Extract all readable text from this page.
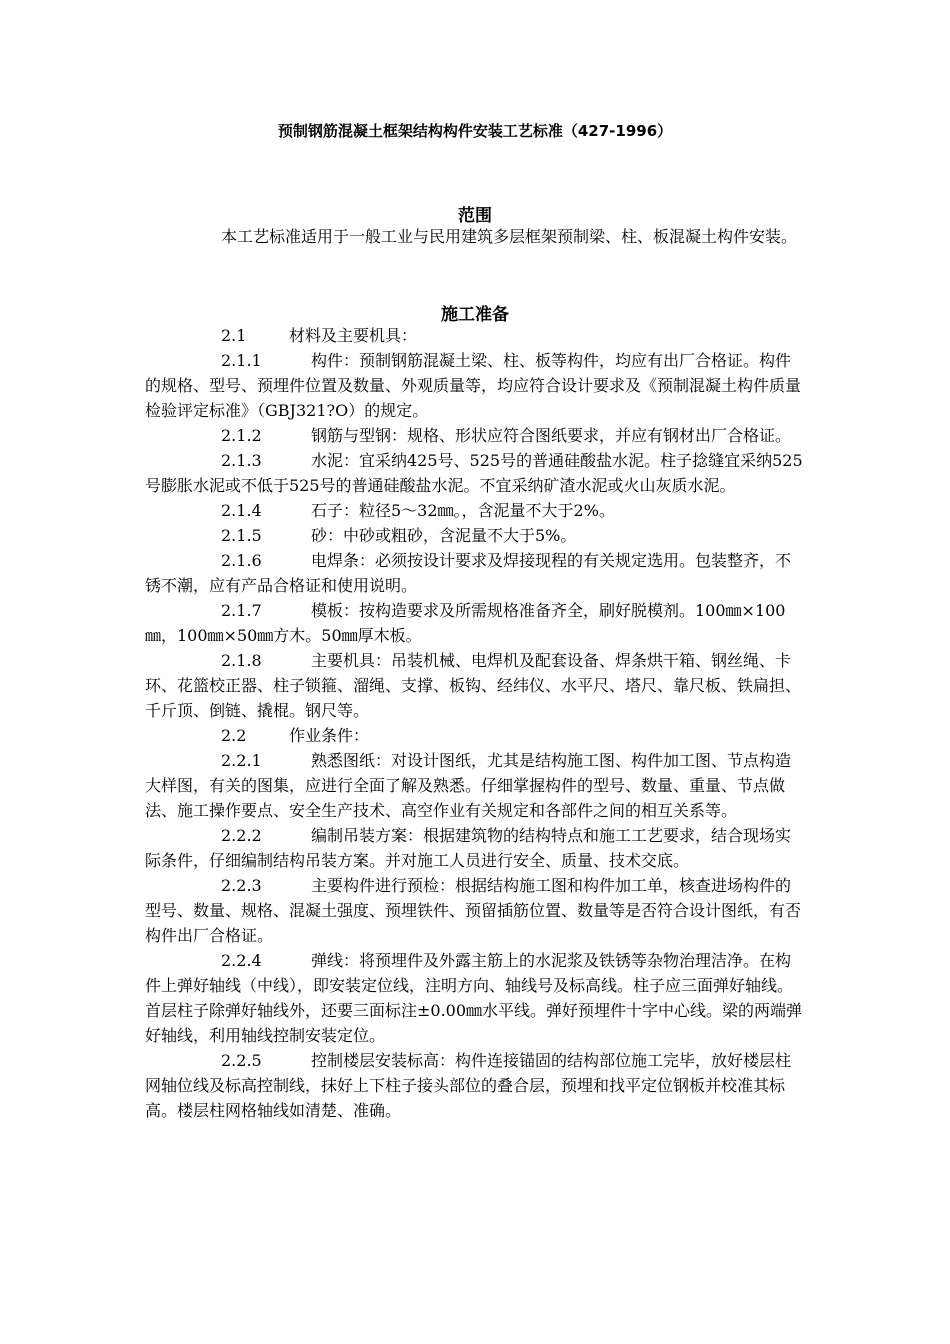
预制钢筋混凝土框架结构构件安装工艺标准（427-1996）
范围

本工艺标准适用于一般工业与民用建筑多层框架预制梁、柱、板混凝土构件安装。

施工准备

2.1	材料及主要机具：

2.1.1	构件：预制钢筋混凝土梁、柱、板等构件，均应有出厂合格证。构件的规格、型号、预埋件位置及数量、外观质量等，均应符合设计要求及《预制混凝土构件质量检验评定标准》（GBJ321?O）的规定。

2.1.2	钢筋与型钢：规格、形状应符合图纸要求，并应有钢材出厂合格证。

2.1.3	水泥：宜采纳425号、525号的普通硅酸盐水泥。柱子捻缝宜采纳525号膨胀水泥或不低于525号的普通硅酸盐水泥。不宜采纳矿渣水泥或火山灰质水泥。

2.1.4	石子：粒径5～32㎜。，含泥量不大于2%。

2.1.5	砂：中砂或粗砂，含泥量不大于5%。

2.1.6	电焊条：必须按设计要求及焊接现程的有关规定选用。包装整齐，不锈不潮，应有产品合格证和使用说明。

2.1.7	模板：按构造要求及所需规格准备齐全，刷好脱模剂。100㎜×100㎜，100㎜×50㎜方木。50㎜厚木板。

2.1.8	主要机具：吊装机械、电焊机及配套设备、焊条烘干箱、钢丝绳、卡环、花篮校正器、柱子锁箍、溜绳、支撑、板钩、经纬仪、水平尺、塔尺、靠尺板、铁扁担、千斤顶、倒链、撬棍。钢尺等。

2.2	作业条件：

2.2.1	熟悉图纸：对设计图纸，尤其是结构施工图、构件加工图、节点构造大样图，有关的图集，应进行全面了解及熟悉。仔细掌握构件的型号、数量、重量、节点做法、施工操作要点、安全生产技术、高空作业有关规定和各部件之间的相互关系等。

2.2.2	编制吊装方案：根据建筑物的结构特点和施工工艺要求，结合现场实际条件，仔细编制结构吊装方案。并对施工人员进行安全、质量、技术交底。

2.2.3	主要构件进行预检：根据结构施工图和构件加工单，核查进场构件的型号、数量、规格、混凝土强度、预埋铁件、预留插筋位置、数量等是否符合设计图纸，有否构件出厂合格证。

2.2.4	弹线：将预埋件及外露主筋上的水泥浆及铁锈等杂物治理洁净。在构件上弹好轴线（中线），即安装定位线，注明方向、轴线号及标高线。柱子应三面弹好轴线。首层柱子除弹好轴线外，还要三面标注±0.00㎜水平线。弹好预埋件十字中心线。梁的两端弹好轴线，利用轴线控制安装定位。

2.2.5	控制楼层安装标高：构件连接锚固的结构部位施工完毕，放好楼层柱网轴位线及标高控制线，抹好上下柱子接头部位的叠合层，预埋和找平定位钢板并校准其标高。楼层柱网格轴线如清楚、准确。
